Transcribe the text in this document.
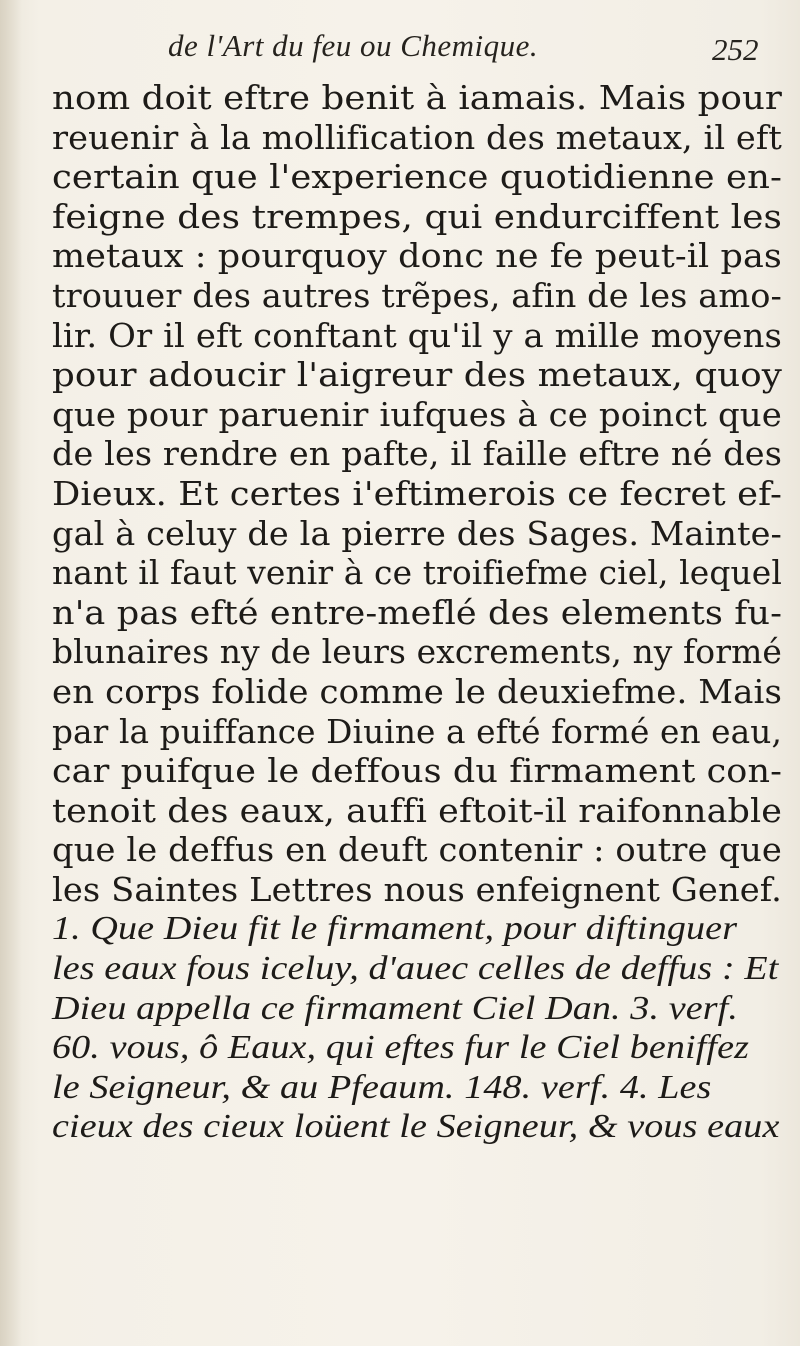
de l'Art du feu ou Chemique.	252
nom doit eftre benit à iamais. Mais pour
reuenir à la mollification des metaux, il eft
certain que l'experience quotidienne en-
feigne des trempes, qui endurciffent les
metaux : pourquoy donc ne fe peut-il pas
trouuer des autres trẽpes, afin de les amo-
lir. Or il eft conftant qu'il y a mille moyens
pour adoucir l'aigreur des metaux, quoy
que pour paruenir iufques à ce poinct que
de les rendre en pafte, il faille eftre né des
Dieux. Et certes i'eftimerois ce fecret ef-
gal à celuy de la pierre des Sages. Mainte-
nant il faut venir à ce troifiefme ciel, lequel
n'a pas efté entre-meflé des elements fu-
blunaires ny de leurs excrements, ny formé
en corps folide comme le deuxiefme. Mais
par la puiffance Diuine a efté formé en eau,
car puifque le deffous du firmament con-
tenoit des eaux, auffi eftoit-il raifonnable
que le deffus en deuft contenir : outre que
les Saintes Lettres nous enfeignent Genef.
1. Que Dieu fit le firmament, pour diftinguer
les eaux fous iceluy, d'auec celles de deffus : Et
Dieu appella ce firmament Ciel Dan. 3. verf.
60. vous, ô Eaux, qui eftes fur le Ciel beniffez
le Seigneur, & au Pfeaum. 148. verf. 4. Les
cieux des cieux loüent le Seigneur, & vous eaux
